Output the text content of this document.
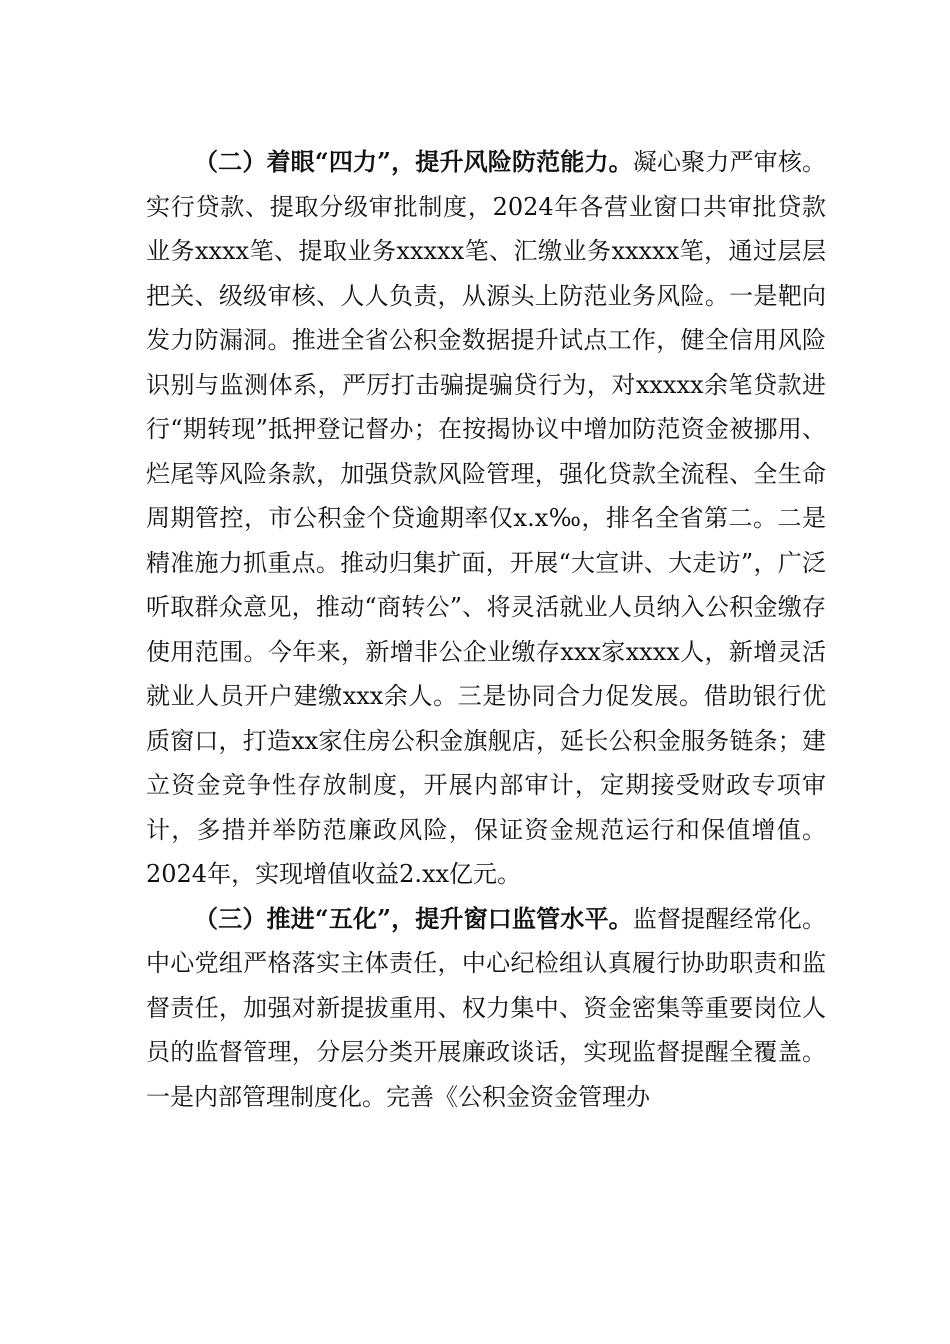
（二）着眼“四力”，提升风险防范能力。凝心聚力严审核。实行贷款、提取分级审批制度，2024年各营业窗口共审批贷款业务xxxx笔、提取业务xxxxx笔、汇缴业务xxxxx笔，通过层层把关、级级审核、人人负责，从源头上防范业务风险。一是靶向发力防漏洞。推进全省公积金数据提升试点工作，健全信用风险识别与监测体系，严厉打击骗提骗贷行为，对xxxxx余笔贷款进行“期转现”抵押登记督办；在按揭协议中增加防范资金被挪用、烂尾等风险条款，加强贷款风险管理，强化贷款全流程、全生命周期管控，市公积金个贷逾期率仅x.x‰，排名全省第二。二是精准施力抓重点。推动归集扩面，开展“大宣讲、大走访”，广泛听取群众意见，推动“商转公”、将灵活就业人员纳入公积金缴存使用范围。今年来，新增非公企业缴存xxx家xxxx人，新增灵活就业人员开户建缴xxx余人。三是协同合力促发展。借助银行优质窗口，打造xx家住房公积金旗舰店，延长公积金服务链条；建立资金竞争性存放制度，开展内部审计，定期接受财政专项审计，多措并举防范廉政风险，保证资金规范运行和保值增值。2024年，实现增值收益2.xx亿元。

（三）推进“五化”，提升窗口监管水平。监督提醒经常化。中心党组严格落实主体责任，中心纪检组认真履行协助职责和监督责任，加强对新提拔重用、权力集中、资金密集等重要岗位人员的监督管理，分层分类开展廉政谈话，实现监督提醒全覆盖。一是内部管理制度化。完善《公积金资金管理办
